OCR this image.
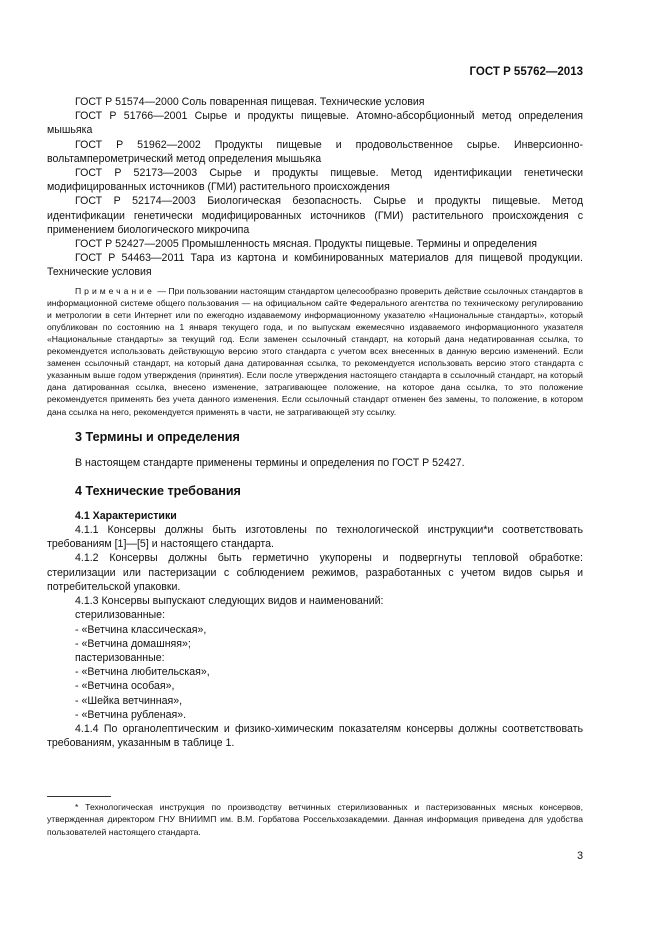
ГОСТ Р 55762—2013

ГОСТ Р 51574—2000 Соль поваренная пищевая. Технические условия

ГОСТ Р 51766—2001 Сырье и продукты пищевые. Атомно-абсорбционный метод определения мышьяка

ГОСТ Р 51962—2002 Продукты пищевые и продовольственное сырье. Инверсионно-вольтамперометрический метод определения мышьяка

ГОСТ Р 52173—2003 Сырье и продукты пищевые. Метод идентификации генетически модифицированных источников (ГМИ) растительного происхождения

ГОСТ Р 52174—2003 Биологическая безопасность. Сырье и продукты пищевые. Метод идентификации генетически модифицированных источников (ГМИ) растительного происхождения с применением биологического микрочипа

ГОСТ Р 52427—2005 Промышленность мясная. Продукты пищевые. Термины и определения

ГОСТ Р 54463—2011 Тара из картона и комбинированных материалов для пищевой продукции. Технические условия

Примечание — При пользовании настоящим стандартом целесообразно проверить действие ссылочных стандартов в информационной системе общего пользования — на официальном сайте Федерального агентства по техническому регулированию и метрологии в сети Интернет или по ежегодно издаваемому информационному указателю «Национальные стандарты», который опубликован по состоянию на 1 января текущего года, и по выпускам ежемесячно издаваемого информационного указателя «Национальные стандарты» за текущий год. Если заменен ссылочный стандарт, на который дана недатированная ссылка, то рекомендуется использовать действующую версию этого стандарта с учетом всех внесенных в данную версию изменений. Если заменен ссылочный стандарт, на который дана датированная ссылка, то рекомендуется использовать версию этого стандарта с указанным выше годом утверждения (принятия). Если после утверждения настоящего стандарта в ссылочный стандарт, на который дана датированная ссылка, внесено изменение, затрагивающее положение, на которое дана ссылка, то это положение рекомендуется применять без учета данного изменения. Если ссылочный стандарт отменен без замены, то положение, в котором дана ссылка на него, рекомендуется применять в части, не затрагивающей эту ссылку.

3 Термины и определения

В настоящем стандарте применены термины и определения по ГОСТ Р 52427.

4 Технические требования
4.1 Характеристики

4.1.1 Консервы должны быть изготовлены по технологической инструкции*и соответствовать требованиям [1]—[5] и настоящего стандарта.

4.1.2 Консервы должны быть герметично укупорены и подвергнуты тепловой обработке: стерилизации или пастеризации с соблюдением режимов, разработанных с учетом видов сырья и потребительской упаковки.

4.1.3 Консервы выпускают следующих видов и наименований:

стерилизованные:

- «Ветчина классическая»,

- «Ветчина домашняя»;

пастеризованные:

- «Ветчина любительская»,

- «Ветчина особая»,

- «Шейка ветчинная»,

- «Ветчина рубленая».

4.1.4 По органолептическим и физико-химическим показателям консервы должны соответствовать требованиям, указанным в таблице 1.

* Технологическая инструкция по производству ветчинных стерилизованных и пастеризованных мясных консервов, утвержденная директором ГНУ ВНИИМП им. В.М. Горбатова Россельхозакадемии. Данная информация приведена для удобства пользователей настоящего стандарта.

3
